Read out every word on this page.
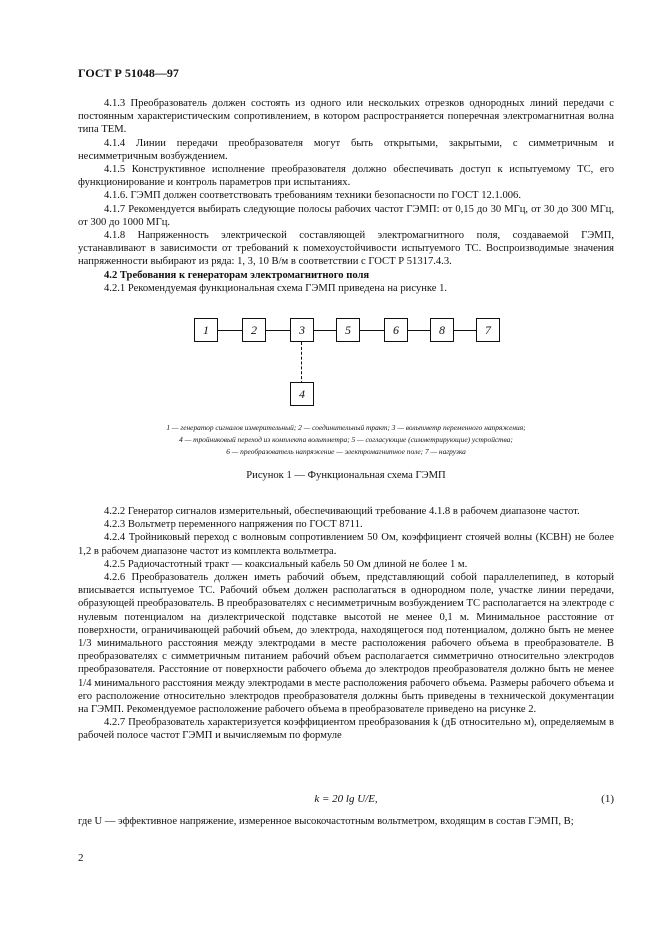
ГОСТ Р 51048—97

4.1.3 Преобразователь должен состоять из одного или нескольких отрезков однородных линий передачи с постоянным характеристическим сопротивлением, в котором распространяется поперечная электромагнитная волна типа ТЕМ.

4.1.4 Линии передачи преобразователя могут быть открытыми, закрытыми, с симметричным и несимметричным возбуждением.

4.1.5 Конструктивное исполнение преобразователя должно обеспечивать доступ к испытуемому ТС, его функционирование и контроль параметров при испытаниях.

4.1.6. ГЭМП должен соответствовать требованиям техники безопасности по ГОСТ 12.1.006.

4.1.7 Рекомендуется выбирать следующие полосы рабочих частот ГЭМП: от 0,15 до 30 МГц, от 30 до 300 МГц, от 300 до 1000 МГц.

4.1.8 Напряженность электрической составляющей электромагнитного поля, создаваемой ГЭМП, устанавливают в зависимости от требований к помехоустойчивости испытуемого ТС. Воспроизводимые значения напряженности выбирают из ряда: 1, 3, 10 В/м в соответствии с ГОСТ Р 51317.4.3.

4.2 Требования к генераторам электромагнитного поля

4.2.1 Рекомендуемая функциональная схема ГЭМП приведена на рисунке 1.

1	2	3	5	6	8	7
4
1 — генератор сигналов измерительный; 2 — соединительный тракт; 3 — вольтметр переменного напряжения;
4 — тройниковый переход из комплекта вольтметра; 5 — согласующие (симметрирующие) устройства;
6 — преобразователь напряжение — электромагнитное поле; 7 — нагрузка
Рисунок 1 — Функциональная схема ГЭМП

4.2.2 Генератор сигналов измерительный, обеспечивающий требование 4.1.8 в рабочем диапазоне частот.

4.2.3 Вольтметр переменного напряжения по ГОСТ 8711.

4.2.4 Тройниковый переход с волновым сопротивлением 50 Ом, коэффициент стоячей волны (КСВН) не более 1,2 в рабочем диапазоне частот из комплекта вольтметра.

4.2.5 Радиочастотный тракт — коаксиальный кабель 50 Ом длиной не более 1 м.

4.2.6 Преобразователь должен иметь рабочий объем, представляющий собой параллелепипед, в который вписывается испытуемое ТС. Рабочий объем должен располагаться в однородном поле, участке линии передачи, образующей преобразователь. В преобразователях с несимметричным возбуждением ТС располагается на электроде с нулевым потенциалом на диэлектрической подставке высотой не менее 0,1 м. Минимальное расстояние от поверхности, ограничивающей рабочий объем, до электрода, находящегося под потенциалом, должно быть не менее 1/3 минимального расстояния между электродами в месте расположения рабочего объема в преобразователе. В преобразователях с симметричным питанием рабочий объем располагается симметрично относительно электродов преобразователя. Расстояние от поверхности рабочего объема до электродов преобразователя должно быть не менее 1/4 минимального расстояния между электродами в месте расположения рабочего объема. Размеры рабочего объема и его расположение относительно электродов преобразователя должны быть приведены в технической документации на ГЭМП. Рекомендуемое расположение рабочего объема в преобразователе приведено на рисунке 2.

4.2.7 Преобразователь характеризуется коэффициентом преобразования k (дБ относительно м), определяемым в рабочей полосе частот ГЭМП и вычисляемым по формуле

k = 20 lg U/E,	(1)
где U — эффективное напряжение, измеренное высокочастотным вольтметром, входящим в состав ГЭМП, В;
2
